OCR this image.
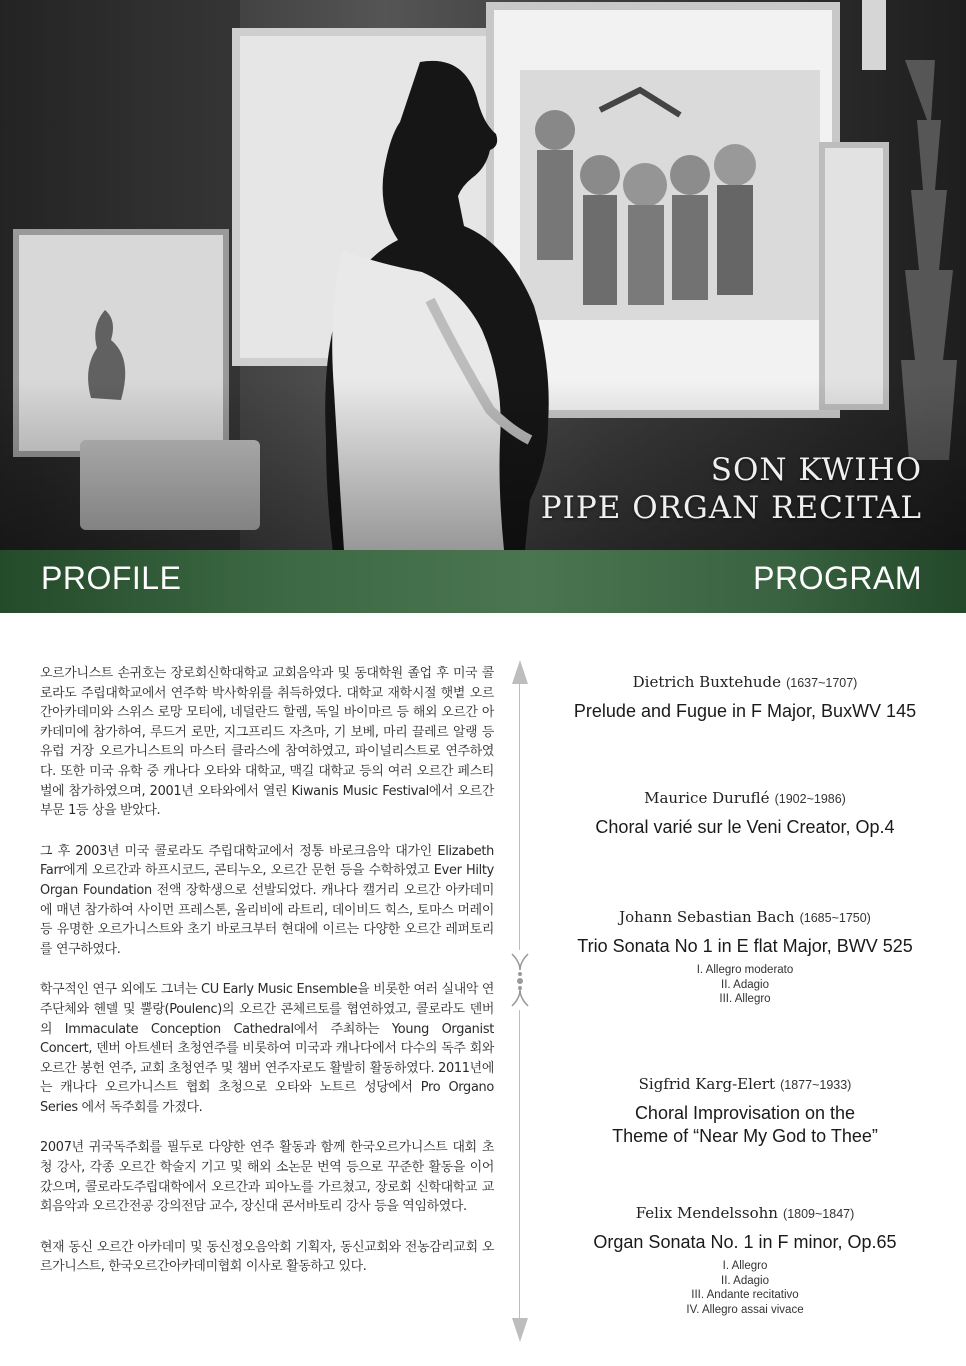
SON KWIHO
PIPE ORGAN RECITAL
PROFILE	PROGRAM

오르가니스트 손귀호는 장로회신학대학교 교회음악과 및 동대학원 졸업 후 미국 콜로라도 주립대학교에서 연주학 박사학위를 취득하였다. 대학교 재학시절 햇볕 오르간아카데미와 스위스 로망 모티에, 네덜란드 할렘, 독일 바이마르 등 해외 오르간 아카데미에 참가하여, 루드거 로만, 지그프리드 자츠마, 기 보베, 마리 끌레르 알랭 등 유럽 거장 오르가니스트의 마스터 클라스에 참여하였고, 파이널리스트로 연주하였다. 또한 미국 유학 중 캐나다 오타와 대학교, 맥길 대학교 등의 여러 오르간 페스티벌에 참가하였으며, 2001년 오타와에서 열린 Kiwanis Music Festival에서 오르간 부문 1등 상을 받았다.

그 후 2003년 미국 콜로라도 주립대학교에서 정통 바로크음악 대가인 Elizabeth Farr에게 오르간과 하프시코드, 콘티누오, 오르간 문헌 등을 수학하였고 Ever Hilty Organ Foundation 전액 장학생으로 선발되었다. 캐나다 캘거리 오르간 아카데미에 매년 참가하여 사이먼 프레스톤, 올리비에 라트리, 데이비드 힉스, 토마스 머레이 등 유명한 오르가니스트와 초기 바로크부터 현대에 이르는 다양한 오르간 레퍼토리를 연구하였다.

학구적인 연구 외에도 그녀는 CU Early Music Ensemble을 비롯한 여러 실내악 연주단체와 헨델 및 뿔랑(Poulenc)의 오르간 콘체르토를 협연하였고, 콜로라도 덴버의 Immaculate Conception Cathedral에서 주최하는 Young Organist Concert, 덴버 아트센터 초청연주를 비롯하여 미국과 캐나다에서 다수의 독주 회와 오르간 봉헌 연주, 교회 초청연주 및 챔버 연주자로도 활발히 활동하였다. 2011년에는 캐나다 오르가니스트 협회 초청으로 오타와 노트르 성당에서 Pro Organo Series 에서 독주회를 가졌다.

2007년 귀국독주회를 필두로 다양한 연주 활동과 함께 한국오르가니스트 대회 초청 강사, 각종 오르간 학술지 기고 및 해외 소논문 번역 등으로 꾸준한 활동을 이어갔으며, 콜로라도주립대학에서 오르간과 피아노를 가르쳤고, 장로회 신학대학교 교회음악과 오르간전공 강의전담 교수, 장신대 콘서바토리 강사 등을 역임하였다.

현재 동신 오르간 아카데미 및 동신정오음악회 기획자, 동신교회와 전농감리교회 오르가니스트, 한국오르간아카데미협회 이사로 활동하고 있다.

Dietrich Buxtehude (1637~1707)
Prelude and Fugue in F Major, BuxWV 145
Maurice Duruflé (1902~1986)
Choral varié sur le Veni Creator, Op.4
Johann Sebastian Bach (1685~1750)
Trio Sonata No 1 in E flat Major, BWV 525
I. Allegro moderato
II. Adagio
III. Allegro
Sigfrid Karg-Elert (1877~1933)
Choral Improvisation on the
Theme of “Near My God to Thee”
Felix Mendelssohn (1809~1847)
Organ Sonata No. 1 in F minor, Op.65
I. Allegro
II. Adagio
III. Andante recitativo
IV. Allegro assai vivace
